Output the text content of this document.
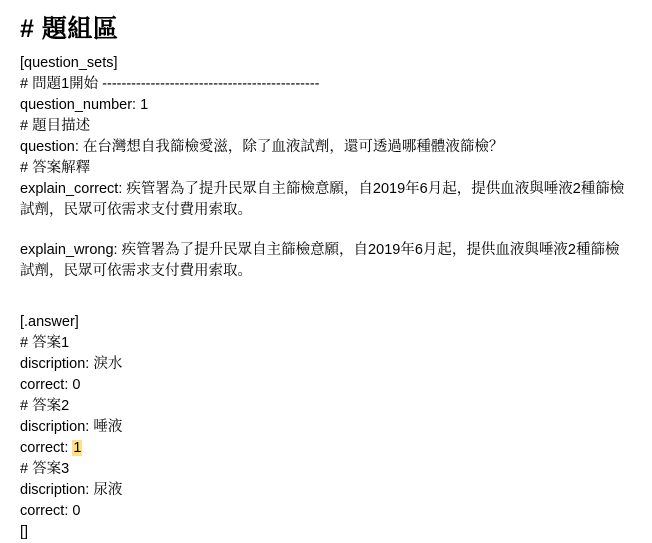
# 題組區

[question_sets]

# 問題1開始 ---------------------------------------------

question_number: 1

# 題目描述

question: 在台灣想自我篩檢愛滋，除了血液試劑，還可透過哪種體液篩檢？

# 答案解釋

explain_correct: 疾管署為了提升民眾自主篩檢意願，自2019年6月起，提供血液與唾液2種篩檢試劑，民眾可依需求支付費用索取。

explain_wrong: 疾管署為了提升民眾自主篩檢意願，自2019年6月起，提供血液與唾液2種篩檢試劑，民眾可依需求支付費用索取。

[.answer]

# 答案1

discription: 淚水

correct: 0

# 答案2

discription: 唾液

correct: 1

# 答案3

discription: 尿液

correct: 0

[]
